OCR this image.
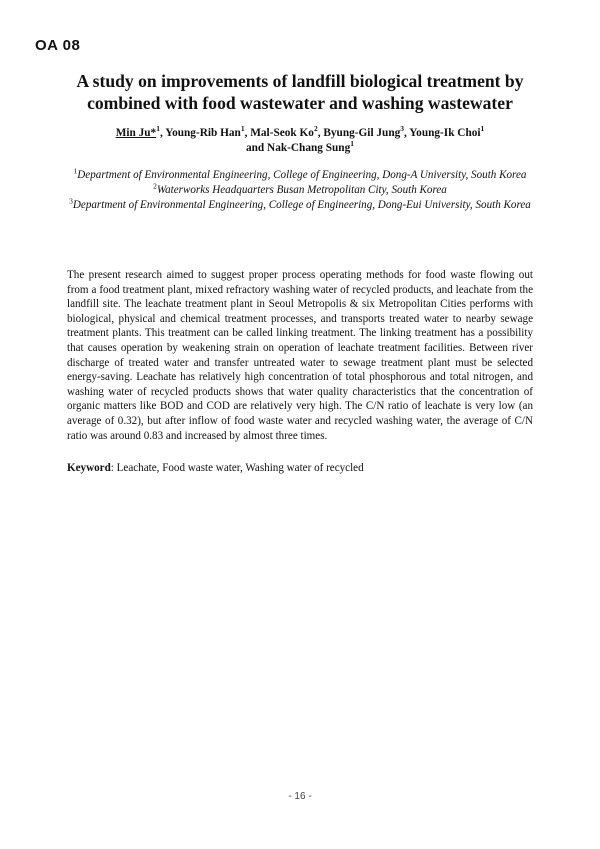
OA 08
A study on improvements of landfill biological treatment by
combined with food wastewater and washing wastewater
Min Ju*$^1$, Young-Rib Han$^1$, Mal-Seok Ko$^2$, Byung-Gil Jung$^3$, Young-Ik Choi$^1$
and Nak-Chang Sung$^1$
$^1$Department of Environmental Engineering, College of Engineering, Dong-A University, South Korea
$^2$Waterworks Headquarters Busan Metropolitan City, South Korea
$^3$Department of Environmental Engineering, College of Engineering, Dong-Eui University, South Korea
The present research aimed to suggest proper process operating methods for food waste flowing out from a food treatment plant, mixed refractory washing water of recycled products, and leachate from the landfill site. The leachate treatment plant in Seoul Metropolis & six Metropolitan Cities performs with biological, physical and chemical treatment processes, and transports treated water to nearby sewage treatment plants. This treatment can be called linking treatment. The linking treatment has a possibility that causes operation by weakening strain on operation of leachate treatment facilities. Between river discharge of treated water and transfer untreated water to sewage treatment plant must be selected energy-saving. Leachate has relatively high concentration of total phosphorous and total nitrogen, and washing water of recycled products shows that water quality characteristics that the concentration of organic matters like BOD and COD are relatively very high. The C/N ratio of leachate is very low (an average of 0.32), but after inflow of food waste water and recycled washing water, the average of C/N ratio was around 0.83 and increased by almost three times.
Keyword: Leachate, Food waste water, Washing water of recycled
- 16 -
